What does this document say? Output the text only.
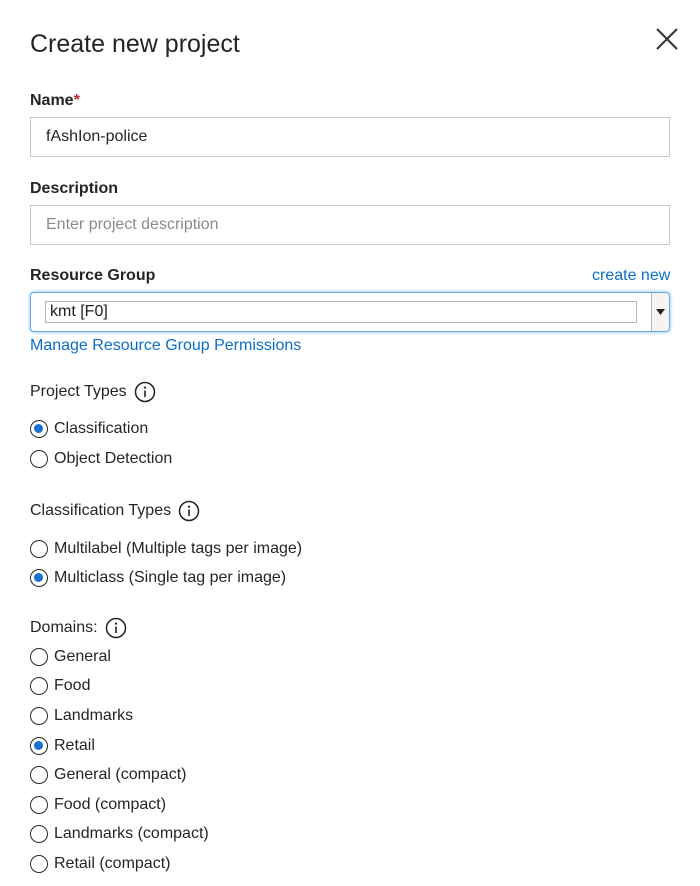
Create new project
Name*
fAshIon-police
Description
Enter project description
Resource Group	create new
kmt [F0]
Manage Resource Group Permissions
Project Types
Classification
Object Detection
Classification Types
Multilabel (Multiple tags per image)
Multiclass (Single tag per image)
Domains:
General
Food
Landmarks
Retail
General (compact)
Food (compact)
Landmarks (compact)
Retail (compact)
